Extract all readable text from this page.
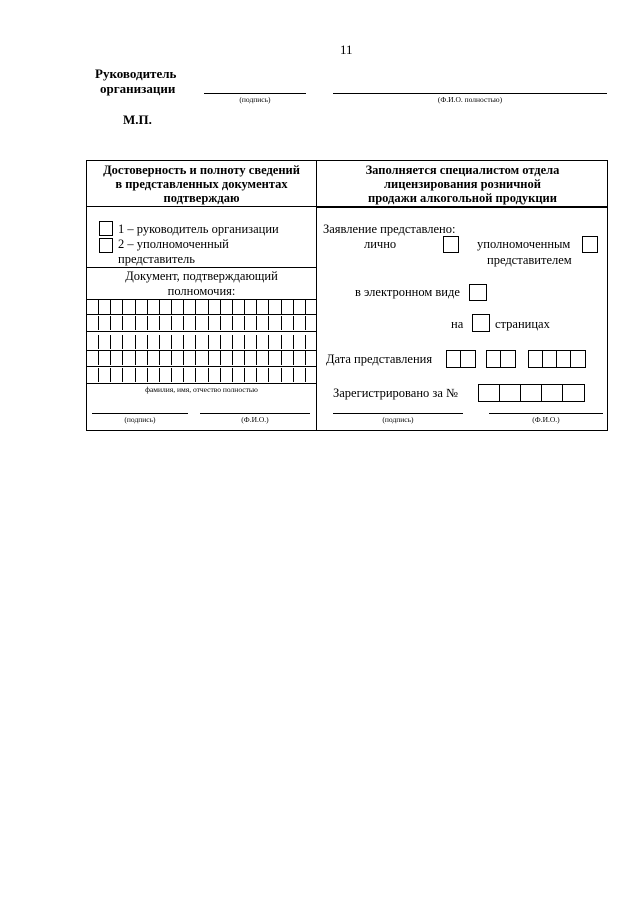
11
Руководитель
организации
(подпись)	(Ф.И.О. полностью)
М.П.
Достоверность и полноту сведений
в представленных документах
подтверждаю
Заполняется специалистом отдела
лицензирования розничной
продажи алкогольной продукции
1 – руководитель организации
2 – уполномоченный
представитель
Документ, подтверждающий
полномочия:
фамилия, имя, отчество полностью
(подпись)	(Ф.И.О.)
Заявление представлено:
лично	уполномоченным
представителем
в электронном виде
на	страницах
Дата представления
Зарегистрировано за №
(подпись)	(Ф.И.О.)
